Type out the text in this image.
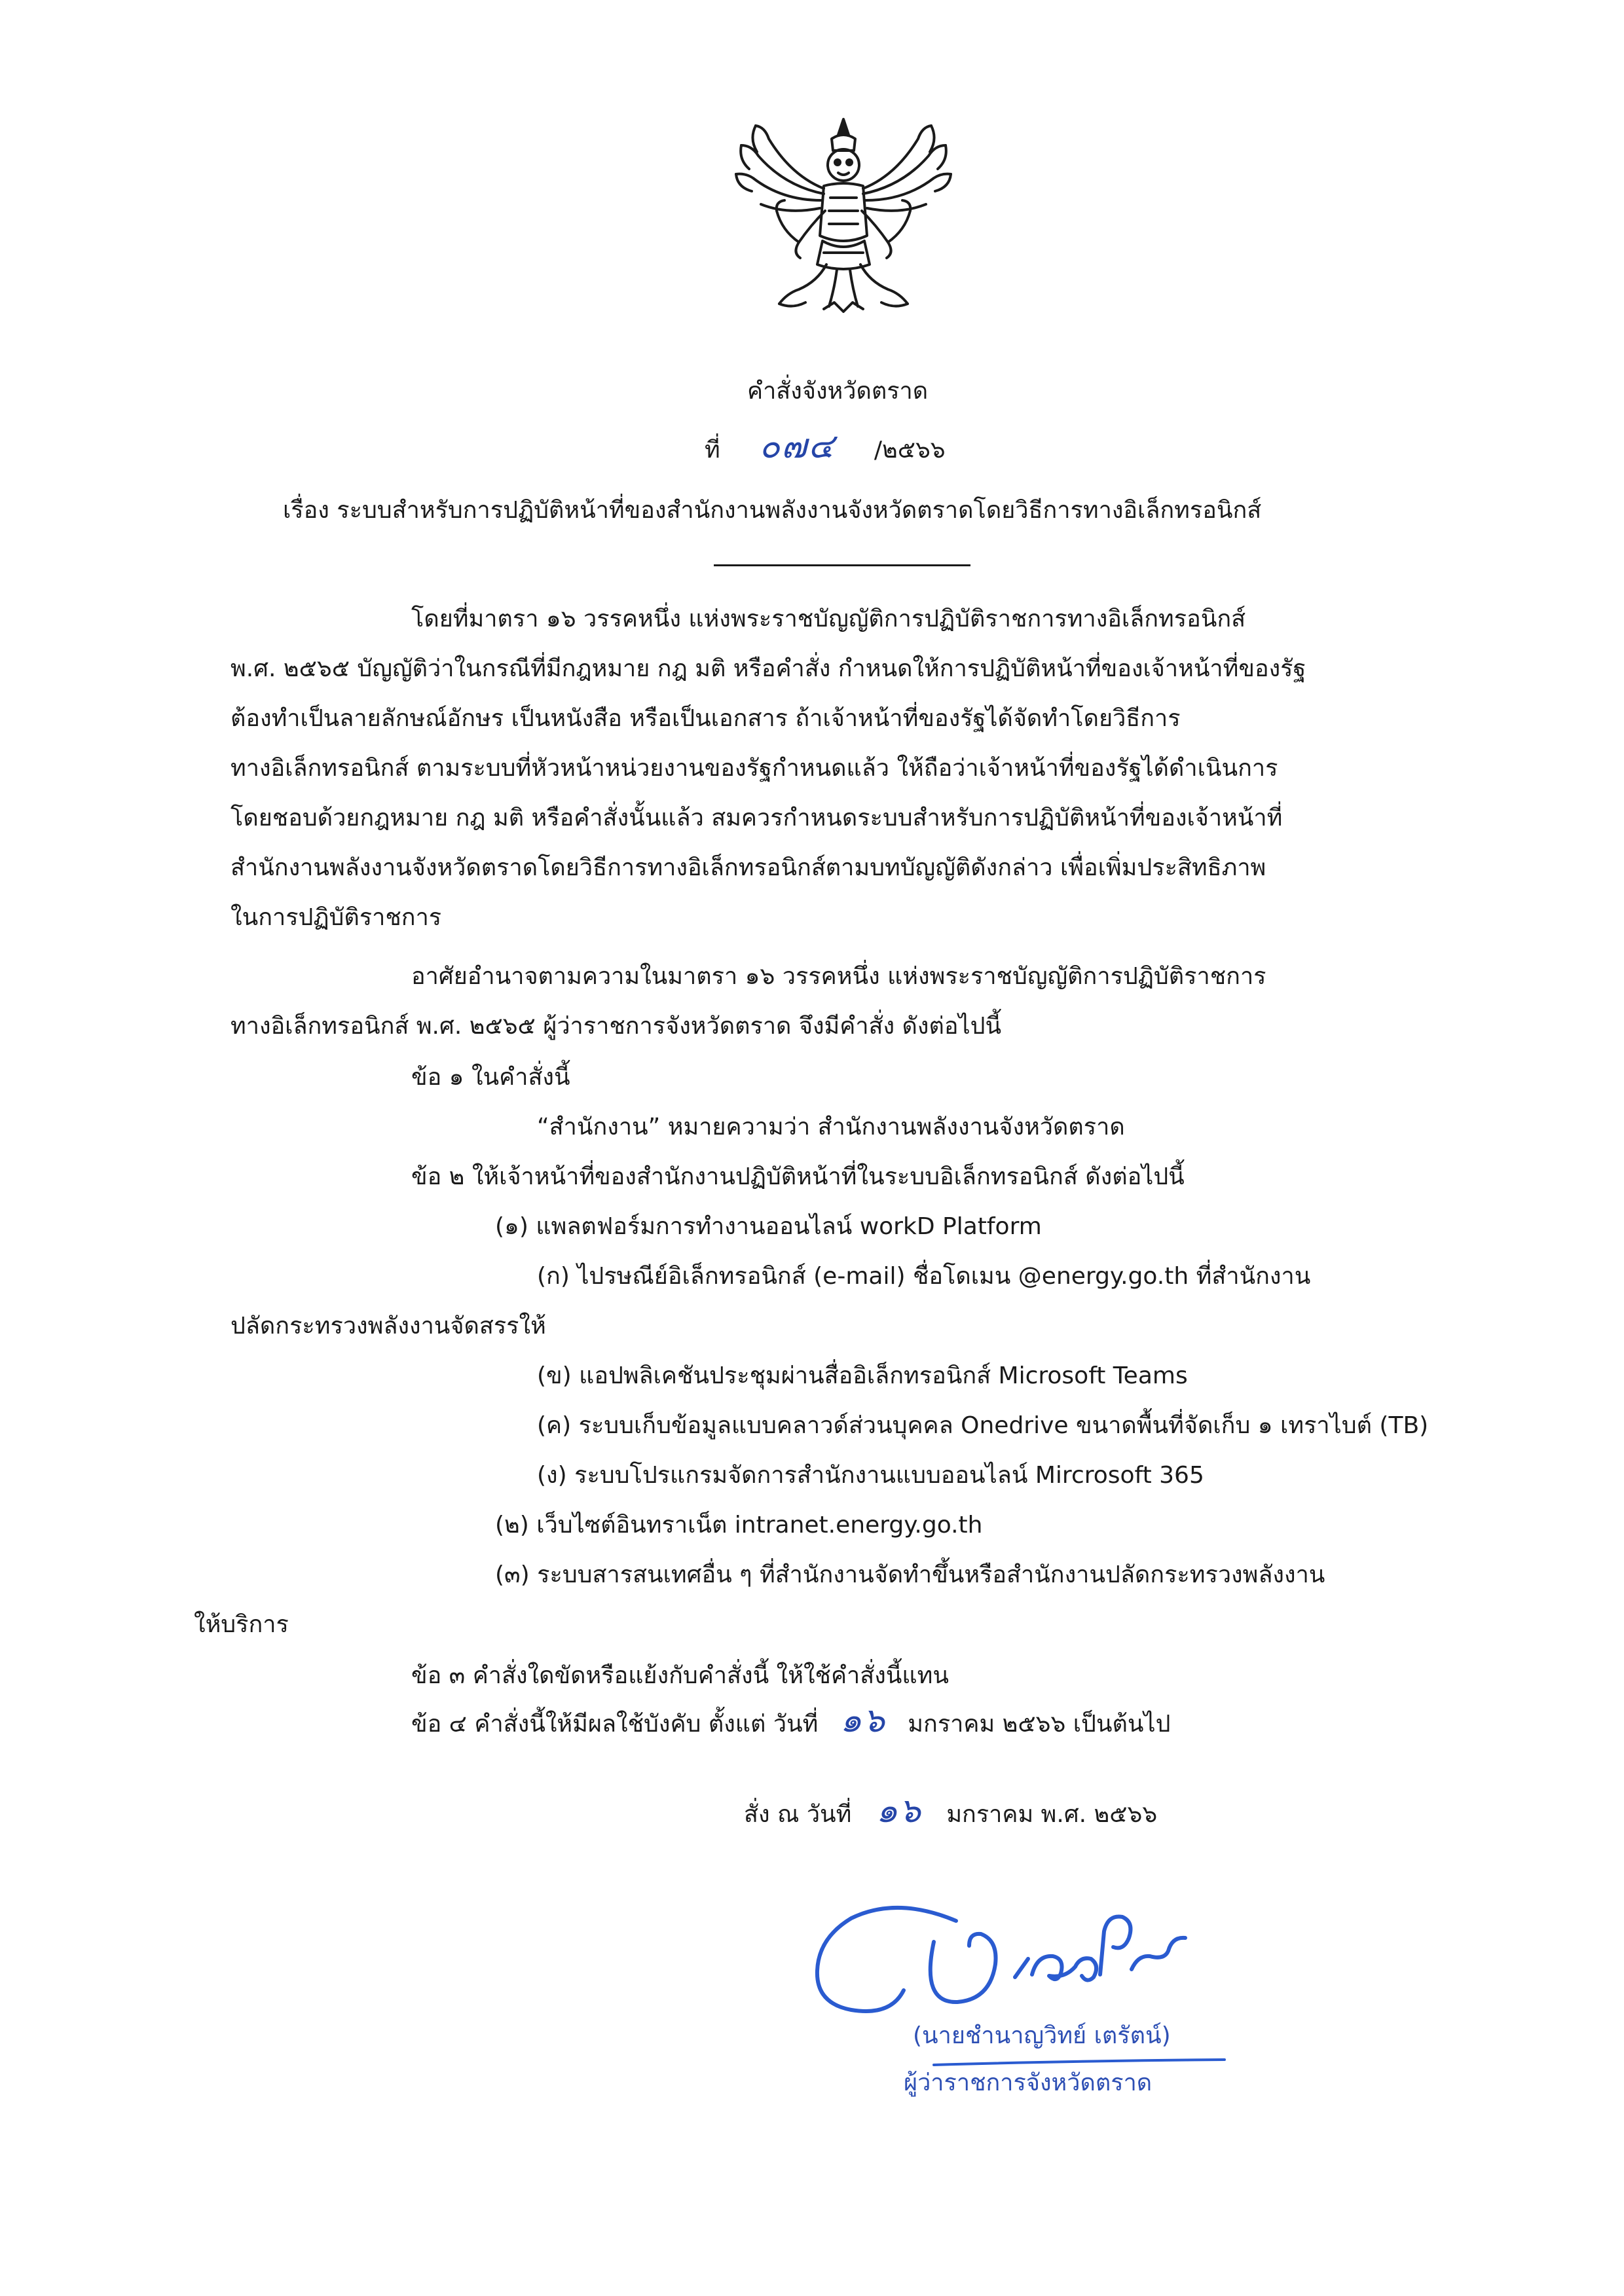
คำสั่งจังหวัดตราด

ที่ ๐๗๔ /๒๕๖๖

เรื่อง ระบบสำหรับการปฏิบัติหน้าที่ของสำนักงานพลังงานจังหวัดตราดโดยวิธีการทางอิเล็กทรอนิกส์

โดยที่มาตรา ๑๖ วรรคหนึ่ง แห่งพระราชบัญญัติการปฏิบัติราชการทางอิเล็กทรอนิกส์

พ.ศ. ๒๕๖๕ บัญญัติว่าในกรณีที่มีกฎหมาย กฎ มติ หรือคำสั่ง กำหนดให้การปฏิบัติหน้าที่ของเจ้าหน้าที่ของรัฐ

ต้องทำเป็นลายลักษณ์อักษร เป็นหนังสือ หรือเป็นเอกสาร ถ้าเจ้าหน้าที่ของรัฐได้จัดทำโดยวิธีการ

ทางอิเล็กทรอนิกส์ ตามระบบที่หัวหน้าหน่วยงานของรัฐกำหนดแล้ว ให้ถือว่าเจ้าหน้าที่ของรัฐได้ดำเนินการ

โดยชอบด้วยกฎหมาย กฎ มติ หรือคำสั่งนั้นแล้ว สมควรกำหนดระบบสำหรับการปฏิบัติหน้าที่ของเจ้าหน้าที่

สำนักงานพลังงานจังหวัดตราดโดยวิธีการทางอิเล็กทรอนิกส์ตามบทบัญญัติดังกล่าว เพื่อเพิ่มประสิทธิภาพ

ในการปฏิบัติราชการ

อาศัยอำนาจตามความในมาตรา ๑๖ วรรคหนึ่ง แห่งพระราชบัญญัติการปฏิบัติราชการ

ทางอิเล็กทรอนิกส์ พ.ศ. ๒๕๖๕ ผู้ว่าราชการจังหวัดตราด จึงมีคำสั่ง ดังต่อไปนี้

ข้อ ๑ ในคำสั่งนี้

“สำนักงาน” หมายความว่า สำนักงานพลังงานจังหวัดตราด

ข้อ ๒ ให้เจ้าหน้าที่ของสำนักงานปฏิบัติหน้าที่ในระบบอิเล็กทรอนิกส์ ดังต่อไปนี้

(๑) แพลตฟอร์มการทำงานออนไลน์ workD Platform

(ก) ไปรษณีย์อิเล็กทรอนิกส์ (e-mail) ชื่อโดเมน @energy.go.th ที่สำนักงาน

ปลัดกระทรวงพลังงานจัดสรรให้

(ข) แอปพลิเคชันประชุมผ่านสื่ออิเล็กทรอนิกส์ Microsoft Teams

(ค) ระบบเก็บข้อมูลแบบคลาวด์ส่วนบุคคล Onedrive ขนาดพื้นที่จัดเก็บ ๑ เทราไบต์ (TB)

(ง) ระบบโปรแกรมจัดการสำนักงานแบบออนไลน์ Mircrosoft 365

(๒) เว็บไซต์อินทราเน็ต intranet.energy.go.th

(๓) ระบบสารสนเทศอื่น ๆ ที่สำนักงานจัดทำขึ้นหรือสำนักงานปลัดกระทรวงพลังงาน

ให้บริการ

ข้อ ๓ คำสั่งใดขัดหรือแย้งกับคำสั่งนี้ ให้ใช้คำสั่งนี้แทน

ข้อ ๔ คำสั่งนี้ให้มีผลใช้บังคับ ตั้งแต่ วันที่ ๑๖ มกราคม ๒๕๖๖ เป็นต้นไป

สั่ง ณ วันที่ ๑๖ มกราคม พ.ศ. ๒๕๖๖

(นายชำนาญวิทย์ เตรัตน์)

ผู้ว่าราชการจังหวัดตราด
